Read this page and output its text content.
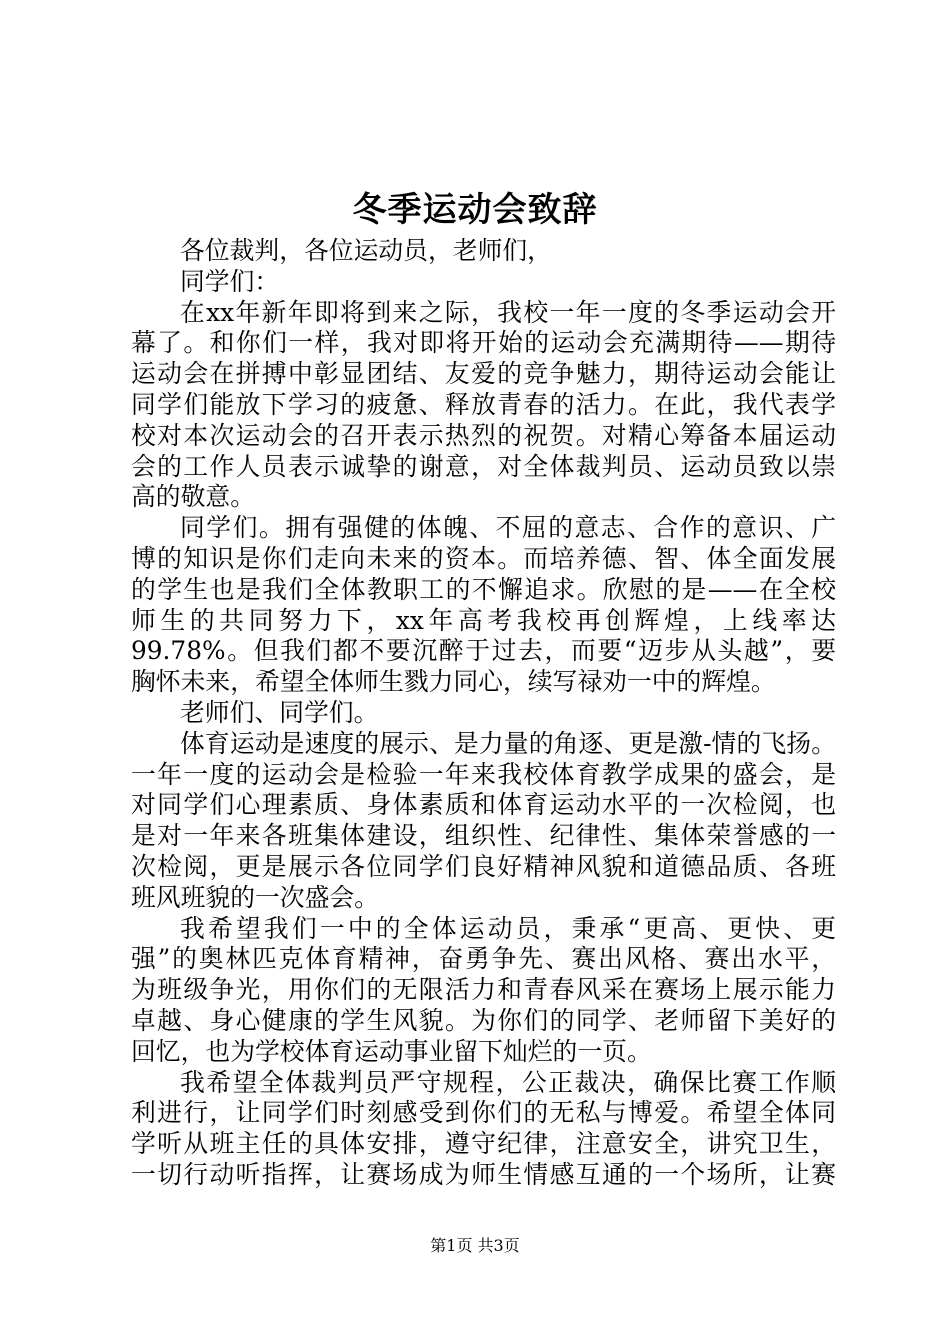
冬季运动会致辞
各位裁判，各位运动员，老师们，
同学们：
在xx年新年即将到来之际，我校一年一度的冬季运动会开
幕了。和你们一样，我对即将开始的运动会充满期待——期待
运动会在拼搏中彰显团结、友爱的竞争魅力，期待运动会能让
同学们能放下学习的疲惫、释放青春的活力。在此，我代表学
校对本次运动会的召开表示热烈的祝贺。对精心筹备本届运动
会的工作人员表示诚挚的谢意，对全体裁判员、运动员致以崇
高的敬意。
同学们。拥有强健的体魄、不屈的意志、合作的意识、广
博的知识是你们走向未来的资本。而培养德、智、体全面发展
的学生也是我们全体教职工的不懈追求。欣慰的是——在全校
师生的共同努力下，xx年高考我校再创辉煌，上线率达
99.78%。但我们都不要沉醉于过去，而要“迈步从头越”，要
胸怀未来，希望全体师生戮力同心，续写禄劝一中的辉煌。
老师们、同学们。
体育运动是速度的展示、是力量的角逐、更是激-情的飞扬。
一年一度的运动会是检验一年来我校体育教学成果的盛会，是
对同学们心理素质、身体素质和体育运动水平的一次检阅，也
是对一年来各班集体建设，组织性、纪律性、集体荣誉感的一
次检阅，更是展示各位同学们良好精神风貌和道德品质、各班
班风班貌的一次盛会。
我希望我们一中的全体运动员，秉承“更高、更快、更
强”的奥林匹克体育精神，奋勇争先、赛出风格、赛出水平，
为班级争光，用你们的无限活力和青春风采在赛场上展示能力
卓越、身心健康的学生风貌。为你们的同学、老师留下美好的
回忆，也为学校体育运动事业留下灿烂的一页。
我希望全体裁判员严守规程，公正裁决，确保比赛工作顺
利进行，让同学们时刻感受到你们的无私与博爱。希望全体同
学听从班主任的具体安排，遵守纪律，注意安全，讲究卫生，
一切行动听指挥，让赛场成为师生情感互通的一个场所，让赛
第1页 共3页
